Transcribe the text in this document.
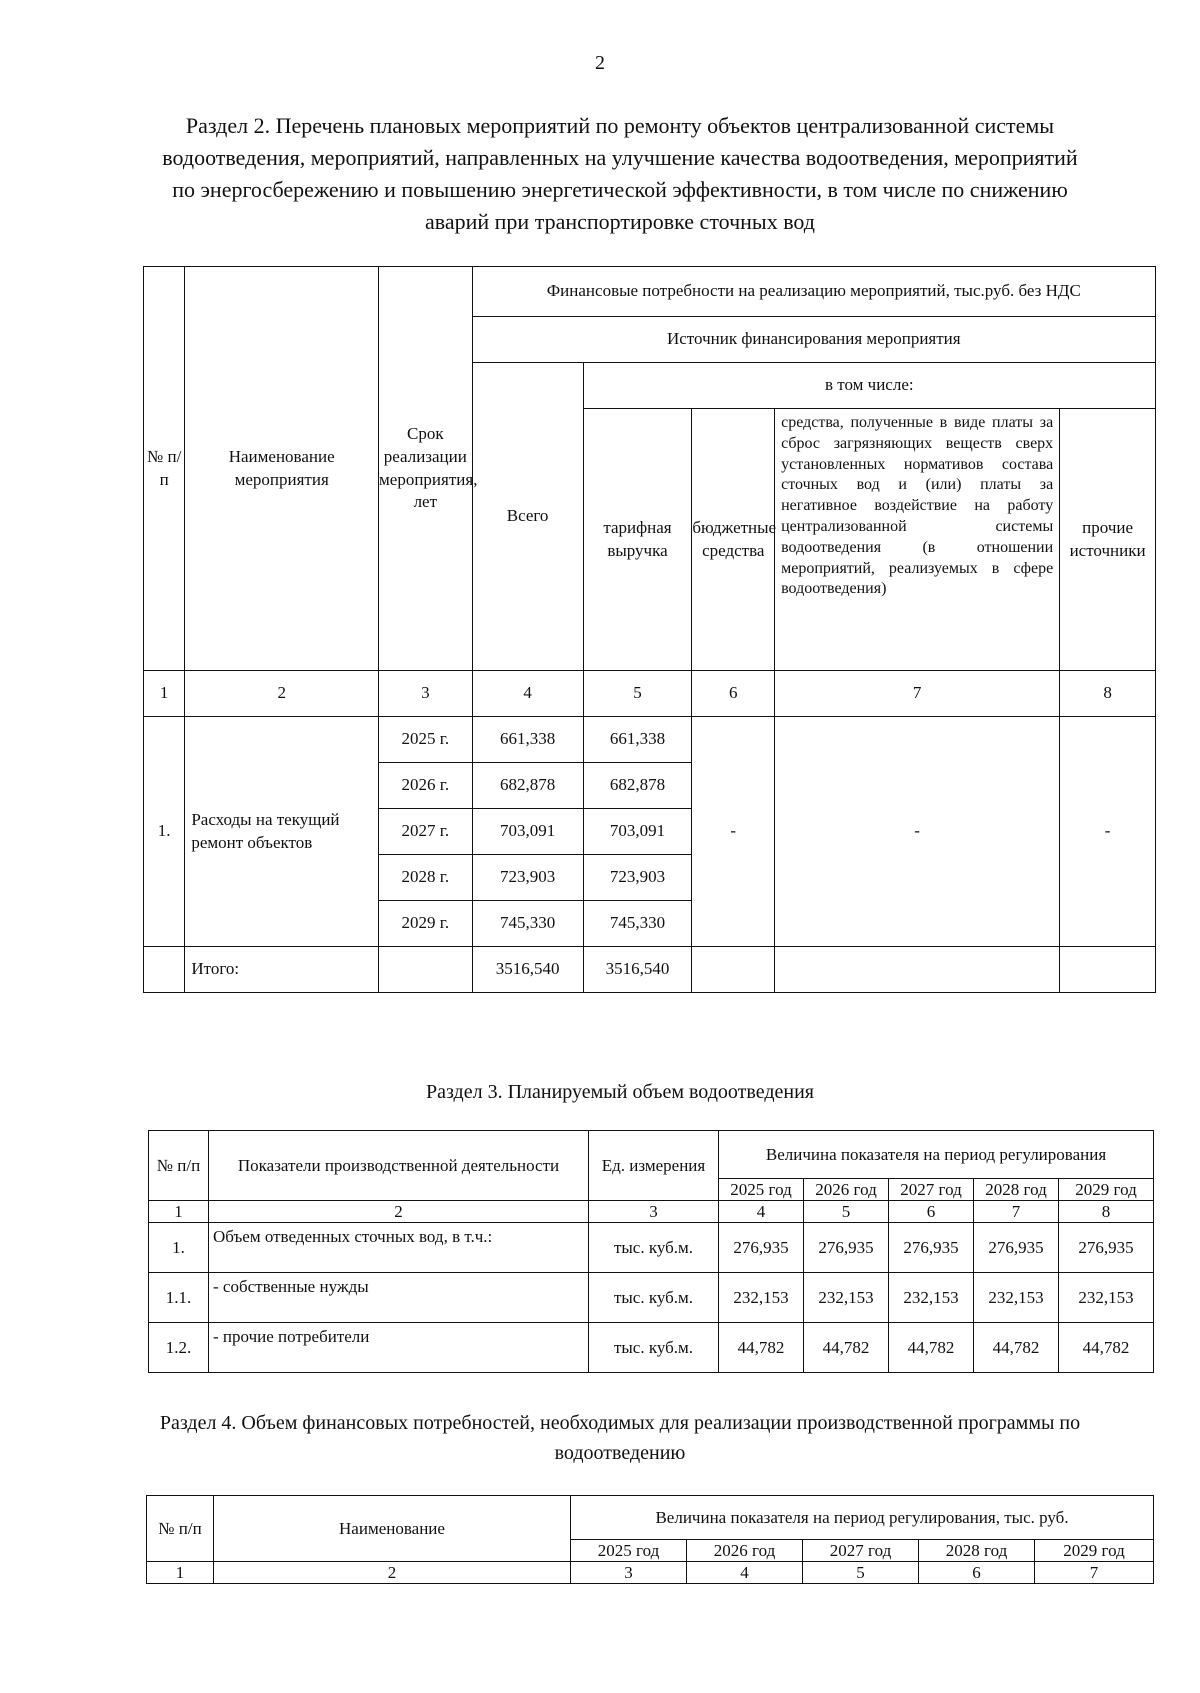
2
Раздел 2. Перечень плановых мероприятий по ремонту объектов централизованной системы водоотведения, мероприятий, направленных на улучшение качества водоотведения, мероприятий по энергосбережению и повышению энергетической эффективности, в том числе по снижению аварий при транспортировке сточных вод
№ п/ п	Наименование мероприятия	Срок реализации мероприятия, лет	Финансовые потребности на реализацию мероприятий, тыс.руб. без НДС				
			Источник финансирования мероприятия				
			Всего	в том числе:			
				тарифная выручка	бюджетные средства	средства, полученные в виде платы за сброс загрязняющих веществ сверх установленных нормативов состава сточных вод и (или) платы за негативное воздействие на работу централизованной системы водоотведения (в отношении мероприятий, реализуемых в сфере водоотведения)	прочие источники
1	2	3	4	5	6	7	8
1.	Расходы на текущий ремонт объектов	2025 г.	661,338	661,338	-	-	-
		2026 г.	682,878	682,878			
		2027 г.	703,091	703,091			
		2028 г.	723,903	723,903			
		2029 г.	745,330	745,330			
	Итого:		3516,540	3516,540			
Раздел 3. Планируемый объем водоотведения
№ п/п	Показатели производственной деятельности	Ед. измерения	Величина показателя на период регулирования				
			2025 год	2026 год	2027 год	2028 год	2029 год
1	2	3	4	5	6	7	8
1.	Объем отведенных сточных вод, в т.ч.:	тыс. куб.м.	276,935	276,935	276,935	276,935	276,935
1.1.	- собственные нужды	тыс. куб.м.	232,153	232,153	232,153	232,153	232,153
1.2.	- прочие потребители	тыс. куб.м.	44,782	44,782	44,782	44,782	44,782
Раздел 4. Объем финансовых потребностей, необходимых для реализации производственной программы по водоотведению
№ п/п	Наименование	Величина показателя на период регулирования, тыс. руб.				
		2025 год	2026 год	2027 год	2028 год	2029 год
1	2	3	4	5	6	7
